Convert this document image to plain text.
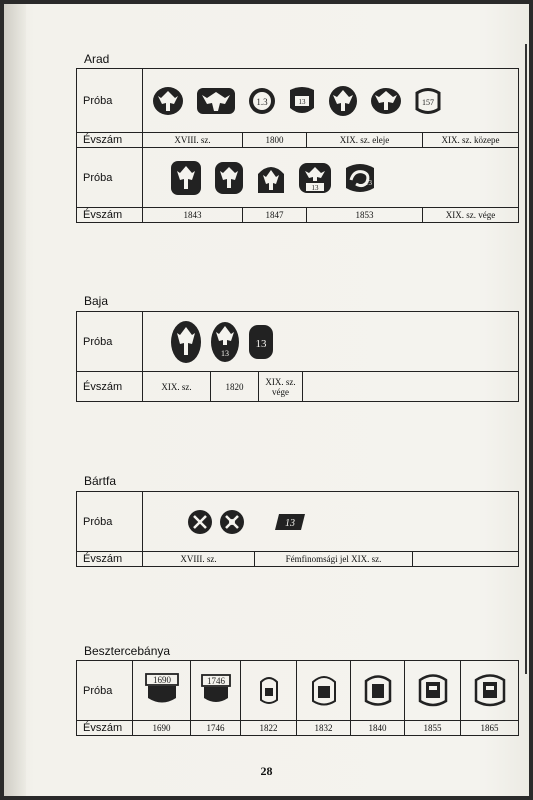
Arad
Próba	1.3 13 157			

Évszám	XVIII. sz.	1800	XIX. sz. eleje	XIX. sz. közepe
Próba	13
13			

Évszám	1843	1847	1853	XIX. sz. vége
Baja
Próba	13
13			

Évszám	XIX. sz.	1820	XIX. sz. vége	
Bártfa
Próba	13		

Évszám	XVIII. sz.	Fémfinomsági jel XIX. sz.	
Besztercebánya
Próba	1690	1746

Évszám	1690	1746	1822	1832	1840	1855	1865
28
